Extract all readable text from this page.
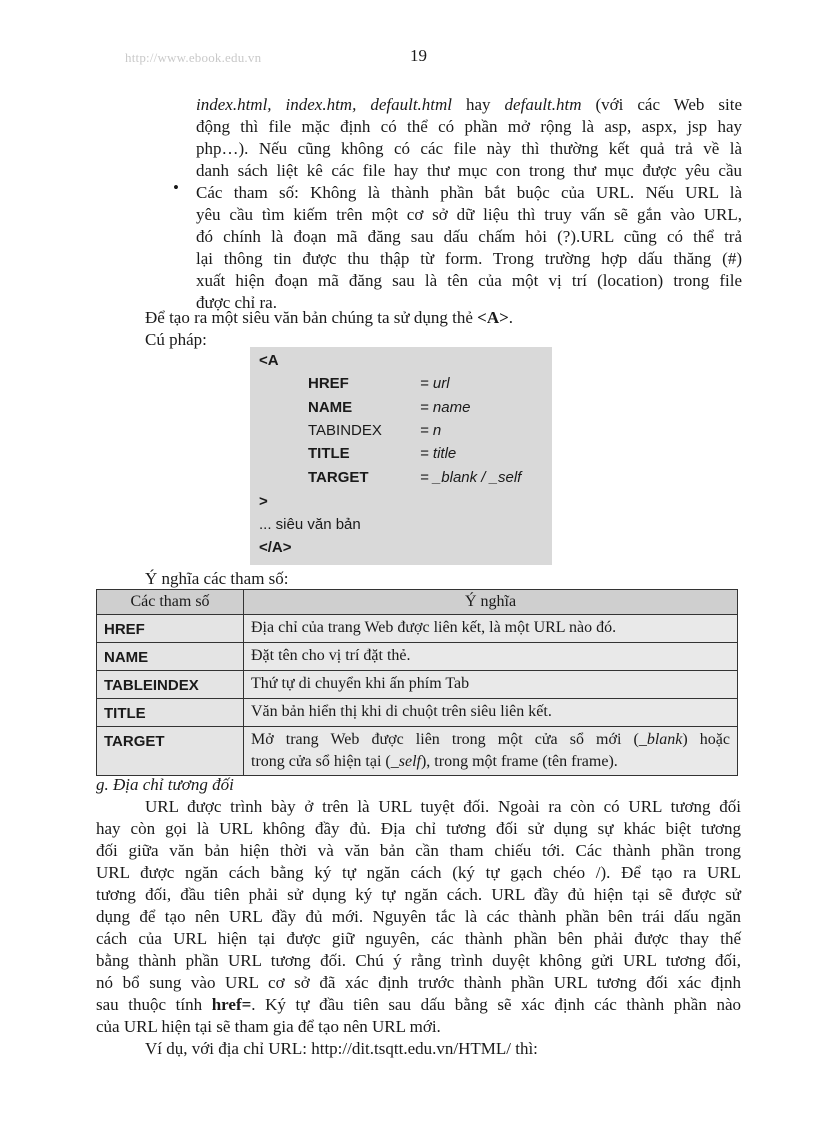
http://www.ebook.edu.vn	19
index.html, index.htm, default.html hay default.htm (với các Web site
động thì file mặc định có thể có phần mở rộng là asp, aspx, jsp hay
php…). Nếu cũng không có các file này thì thường kết quả trả về là
danh sách liệt kê các file hay thư mục con trong thư mục được yêu cầu
• Các tham số: Không là thành phần bắt buộc của URL. Nếu URL là
yêu cầu tìm kiếm trên một cơ sở dữ liệu thì truy vấn sẽ gắn vào URL,
đó chính là đoạn mã đăng sau dấu chấm hỏi (?).URL cũng có thể trả
lại thông tin được thu thập từ form. Trong trường hợp dấu thăng (#)
xuất hiện đoạn mã đăng sau là tên của một vị trí (location) trong file
được chỉ ra.
Để tạo ra một siêu văn bản chúng ta sử dụng thẻ <A>.
Cú pháp:
<A
HREF	= url
NAME	= name
TABINDEX	= n
TITLE	= title
TARGET	= _blank / _self
>
... siêu văn bản
</A>
Ý nghĩa các tham số:
Các tham số	Ý nghĩa
HREF	Địa chỉ của trang Web được liên kết, là một URL nào đó.
NAME	Đặt tên cho vị trí đặt thẻ.
TABLEINDEX	Thứ tự di chuyển khi ấn phím Tab
TITLE	Văn bản hiển thị khi di chuột trên siêu liên kết.
TARGET	Mở trang Web được liên trong một cửa sổ mới (_blank) hoặc
trong cửa sổ hiện tại (_self), trong một frame (tên frame).
g. Địa chỉ tương đối
URL được trình bày ở trên là URL tuyệt đối. Ngoài ra còn có URL tương đối
hay còn gọi là URL không đầy đủ. Địa chỉ tương đối sử dụng sự khác biệt tương
đối giữa văn bản hiện thời và văn bản cần tham chiếu tới. Các thành phần trong
URL được ngăn cách bằng ký tự ngăn cách (ký tự gạch chéo /). Để tạo ra URL
tương đối, đầu tiên phải sử dụng ký tự ngăn cách. URL đầy đủ hiện tại sẽ được sử
dụng để tạo nên URL đầy đủ mới. Nguyên tắc là các thành phần bên trái dấu ngăn
cách của URL hiện tại được giữ nguyên, các thành phần bên phải được thay thế
bằng thành phần URL tương đối. Chú ý rằng trình duyệt không gửi URL tương đối,
nó bổ sung vào URL cơ sở đã xác định trước thành phần URL tương đối xác định
sau thuộc tính href=. Ký tự đầu tiên sau dấu bằng sẽ xác định các thành phần nào
của URL hiện tại sẽ tham gia để tạo nên URL mới.
Ví dụ, với địa chỉ URL: http://dit.tsqtt.edu.vn/HTML/ thì:
